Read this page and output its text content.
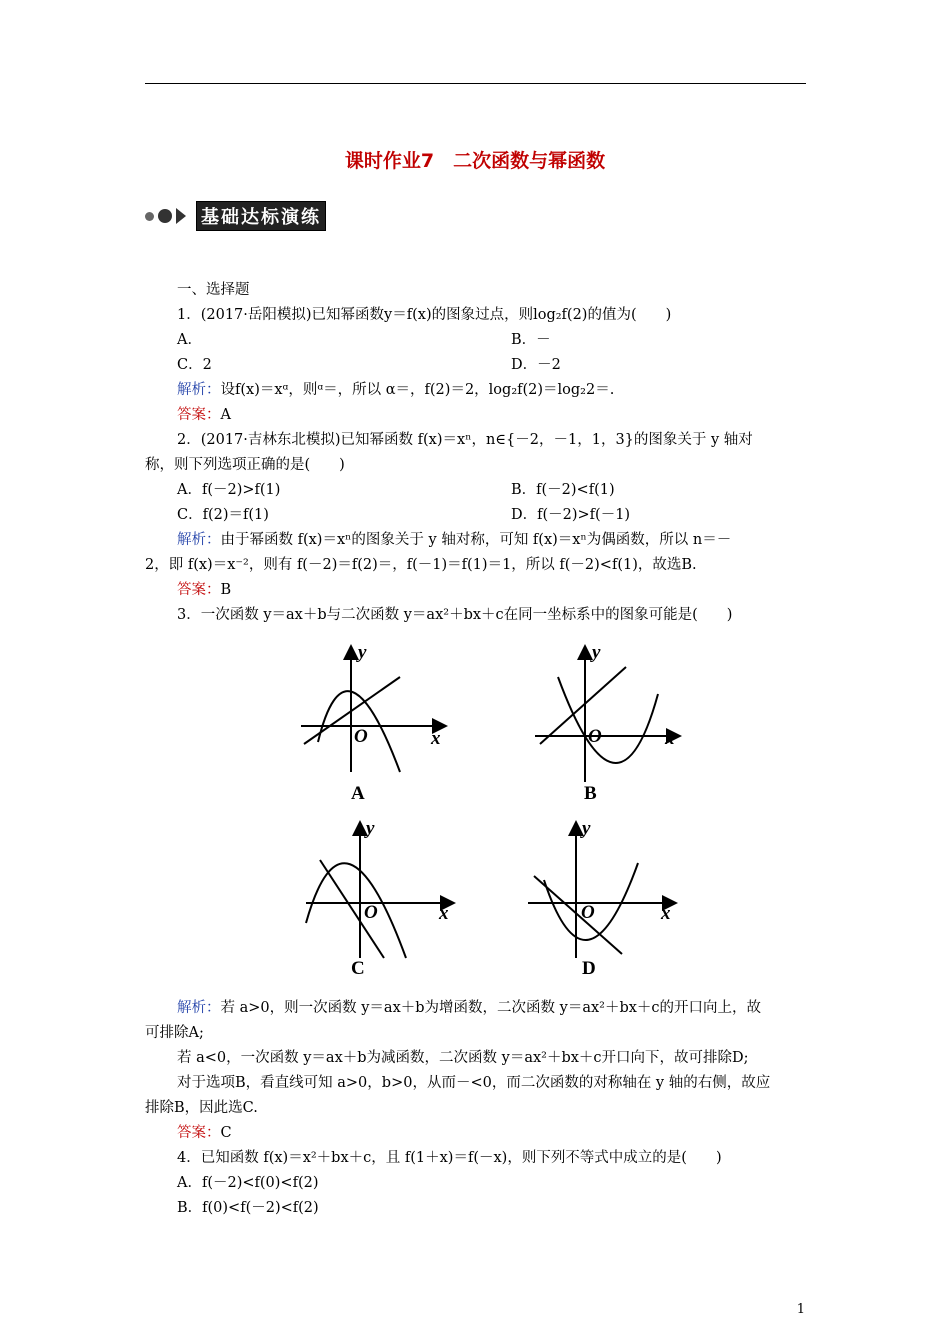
课时作业7　二次函数与幂函数
基础达标演练
一、选择题
1．(2017·岳阳模拟)已知幂函数y＝f(x)的图象过点，则log₂f(2)的值为(　　)
A．	B．－
C．2	D．－2
解析：设f(x)＝xᵅ，则ᵅ＝，所以 α＝，f(2)＝2，log₂f(2)＝log₂2＝.
答案：A
2．(2017·吉林东北模拟)已知幂函数 f(x)＝xⁿ，n∈{－2，－1，1，3}的图象关于 y 轴对
称，则下列选项正确的是(　　)
A．f(－2)>f(1)	B．f(－2)<f(1)
C．f(2)＝f(1)	D．f(－2)>f(－1)
解析：由于幂函数 f(x)＝xⁿ的图象关于 y 轴对称，可知 f(x)＝xⁿ为偶函数，所以 n＝－
2，即 f(x)＝x⁻²，则有 f(－2)＝f(2)＝，f(－1)＝f(1)＝1，所以 f(－2)<f(1)，故选B.
答案：B
3．一次函数 y＝ax＋b与二次函数 y＝ax²＋bx＋c在同一坐标系中的图象可能是(　　)
y
x
O
A
y
x
O
B
y
x
O
C
y
x
O
D
解析：若 a>0，则一次函数 y＝ax＋b为增函数，二次函数 y＝ax²＋bx＋c的开口向上，故
可排除A;
若 a<0，一次函数 y＝ax＋b为减函数，二次函数 y＝ax²＋bx＋c开口向下，故可排除D;
对于选项B，看直线可知 a>0，b>0，从而－<0，而二次函数的对称轴在 y 轴的右侧，故应
排除B，因此选C.
答案：C
4．已知函数 f(x)＝x²＋bx＋c，且 f(1＋x)＝f(－x)，则下列不等式中成立的是(　　)
A．f(－2)<f(0)<f(2)
B．f(0)<f(－2)<f(2)
1
